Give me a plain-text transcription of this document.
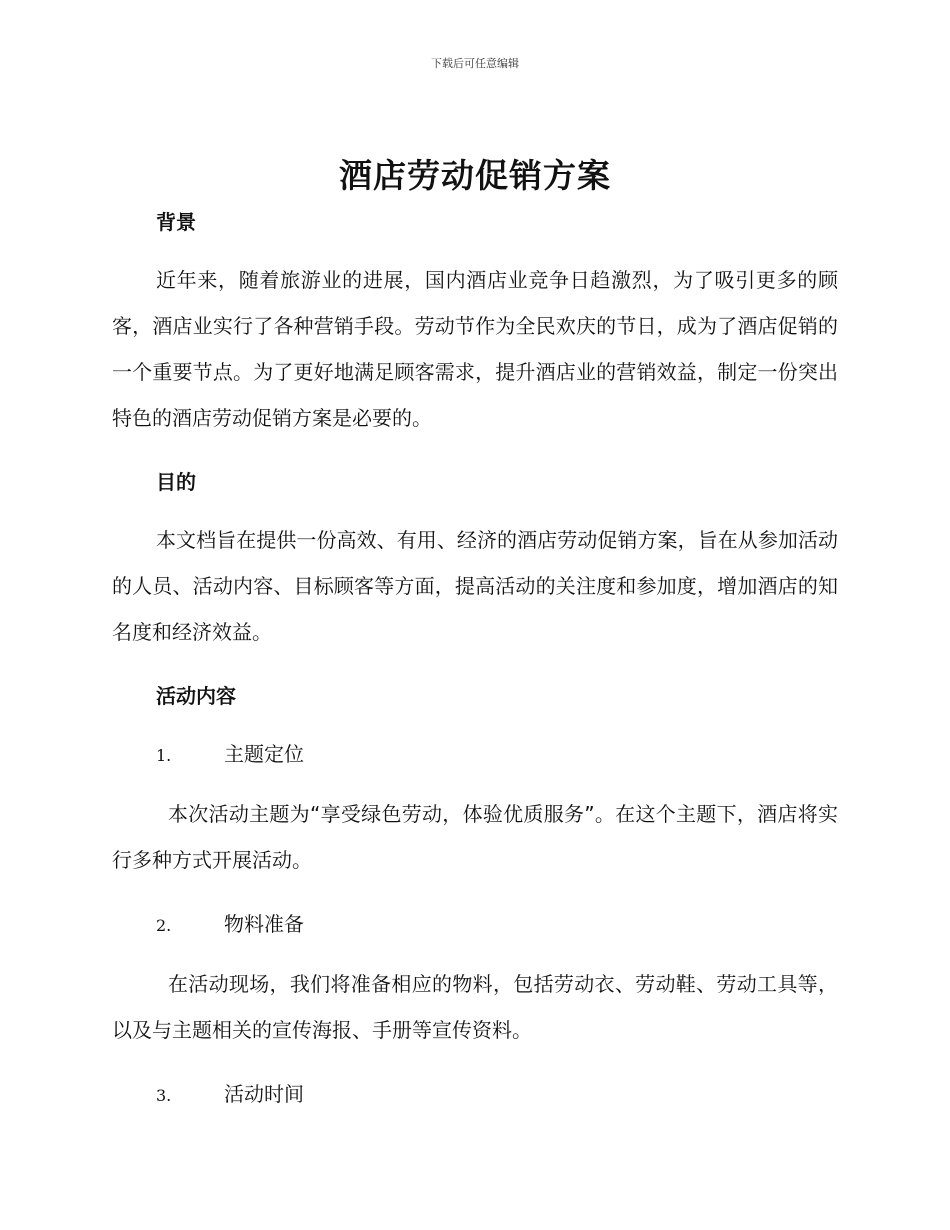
下载后可任意编辑
酒店劳动促销方案
背景

近年来，随着旅游业的进展，国内酒店业竞争日趋激烈，为了吸引更多的顾客，酒店业实行了各种营销手段。劳动节作为全民欢庆的节日，成为了酒店促销的一个重要节点。为了更好地满足顾客需求，提升酒店业的营销效益，制定一份突出特色的酒店劳动促销方案是必要的。

目的

本文档旨在提供一份高效、有用、经济的酒店劳动促销方案，旨在从参加活动的人员、活动内容、目标顾客等方面，提高活动的关注度和参加度，增加酒店的知名度和经济效益。

活动内容
1.	主题定位

本次活动主题为“享受绿色劳动，体验优质服务”。在这个主题下，酒店将实行多种方式开展活动。

2.	物料准备

在活动现场，我们将准备相应的物料，包括劳动衣、劳动鞋、劳动工具等，以及与主题相关的宣传海报、手册等宣传资料。

3.	活动时间
